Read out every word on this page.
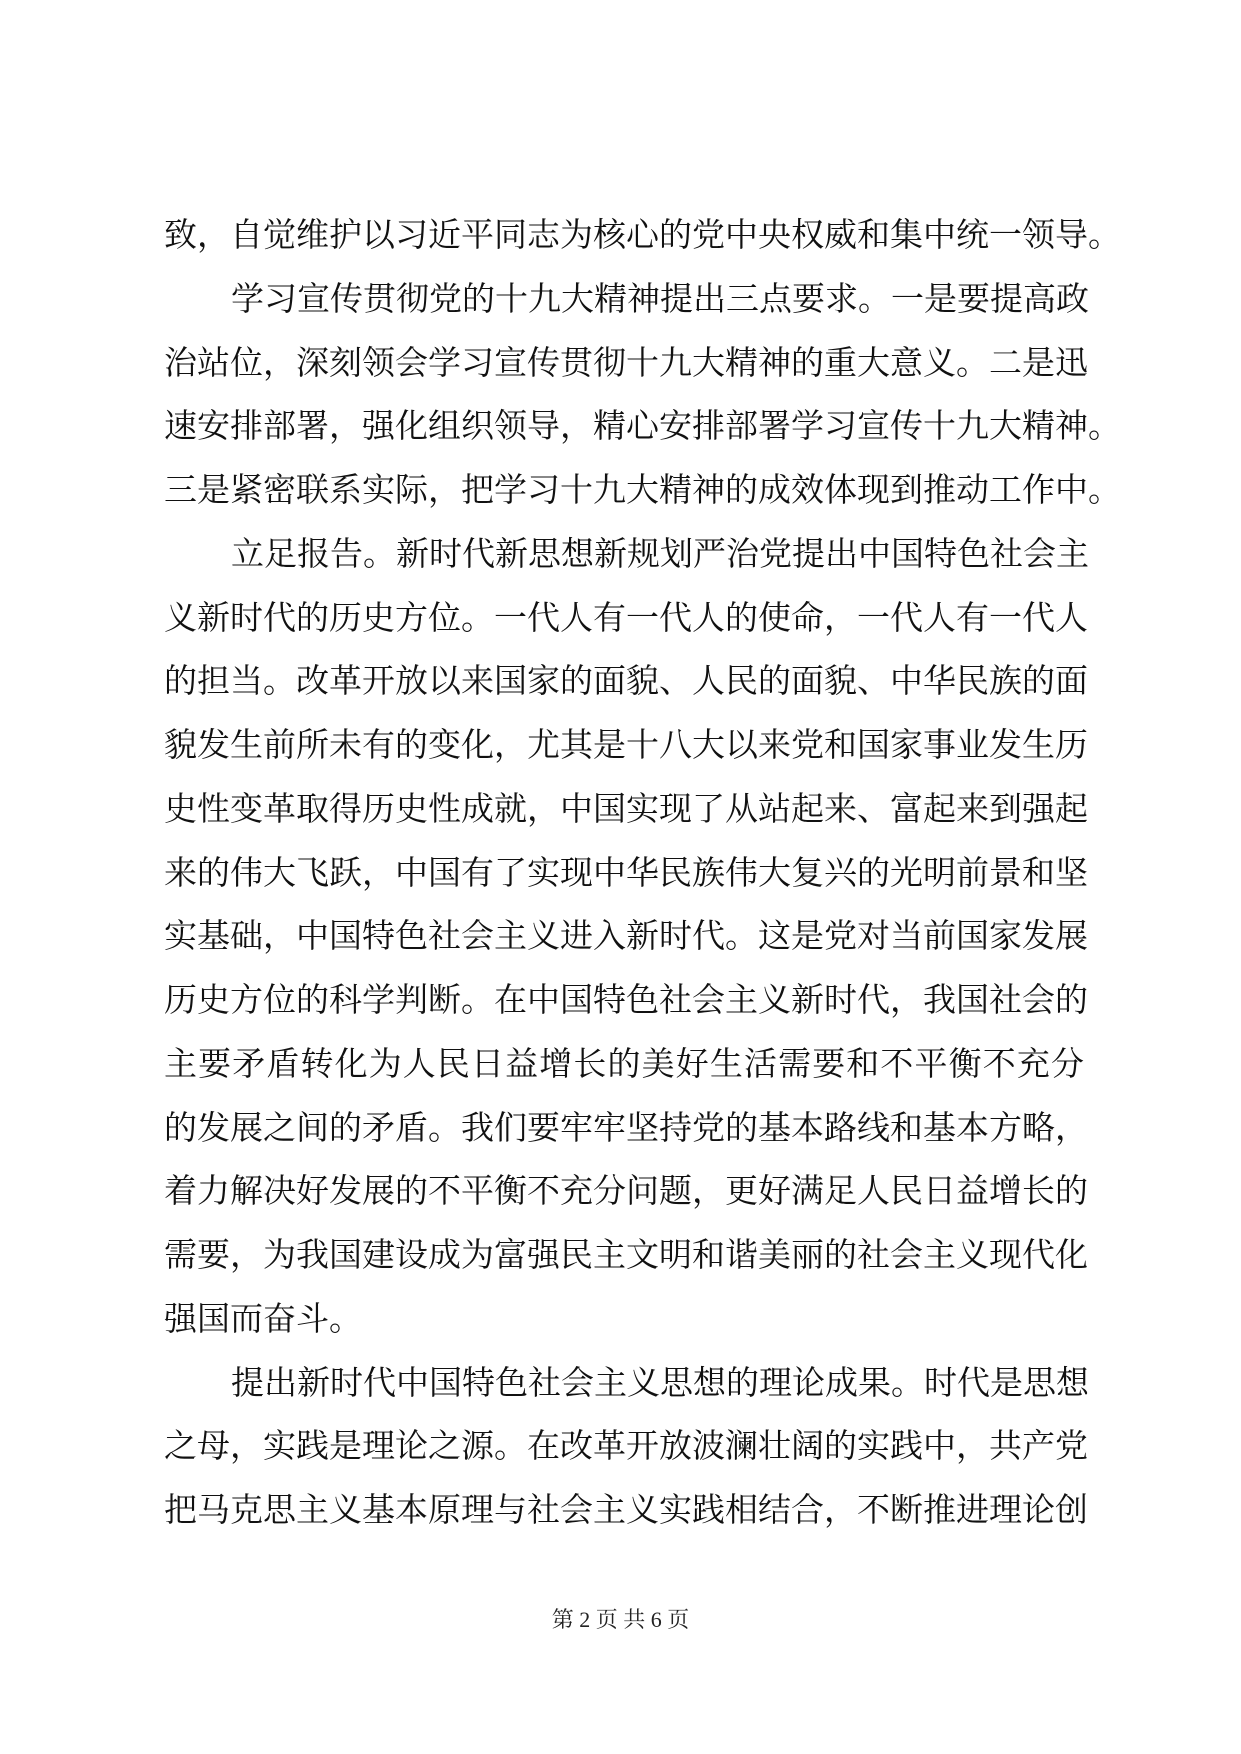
致，自觉维护以习近平同志为核心的党中央权威和集中统一领导。
学习宣传贯彻党的十九大精神提出三点要求。一是要提高政
治站位，深刻领会学习宣传贯彻十九大精神的重大意义。二是迅
速安排部署，强化组织领导，精心安排部署学习宣传十九大精神。
三是紧密联系实际，把学习十九大精神的成效体现到推动工作中。
立足报告。新时代新思想新规划严治党提出中国特色社会主
义新时代的历史方位。一代人有一代人的使命，一代人有一代人
的担当。改革开放以来国家的面貌、人民的面貌、中华民族的面
貌发生前所未有的变化，尤其是十八大以来党和国家事业发生历
史性变革取得历史性成就，中国实现了从站起来、富起来到强起
来的伟大飞跃，中国有了实现中华民族伟大复兴的光明前景和坚
实基础，中国特色社会主义进入新时代。这是党对当前国家发展
历史方位的科学判断。在中国特色社会主义新时代，我国社会的
主要矛盾转化为人民日益增长的美好生活需要和不平衡不充分
的发展之间的矛盾。我们要牢牢坚持党的基本路线和基本方略，
着力解决好发展的不平衡不充分问题，更好满足人民日益增长的
需要，为我国建设成为富强民主文明和谐美丽的社会主义现代化
强国而奋斗。
提出新时代中国特色社会主义思想的理论成果。时代是思想
之母，实践是理论之源。在改革开放波澜壮阔的实践中，共产党
把马克思主义基本原理与社会主义实践相结合，不断推进理论创
第 2 页 共 6 页
